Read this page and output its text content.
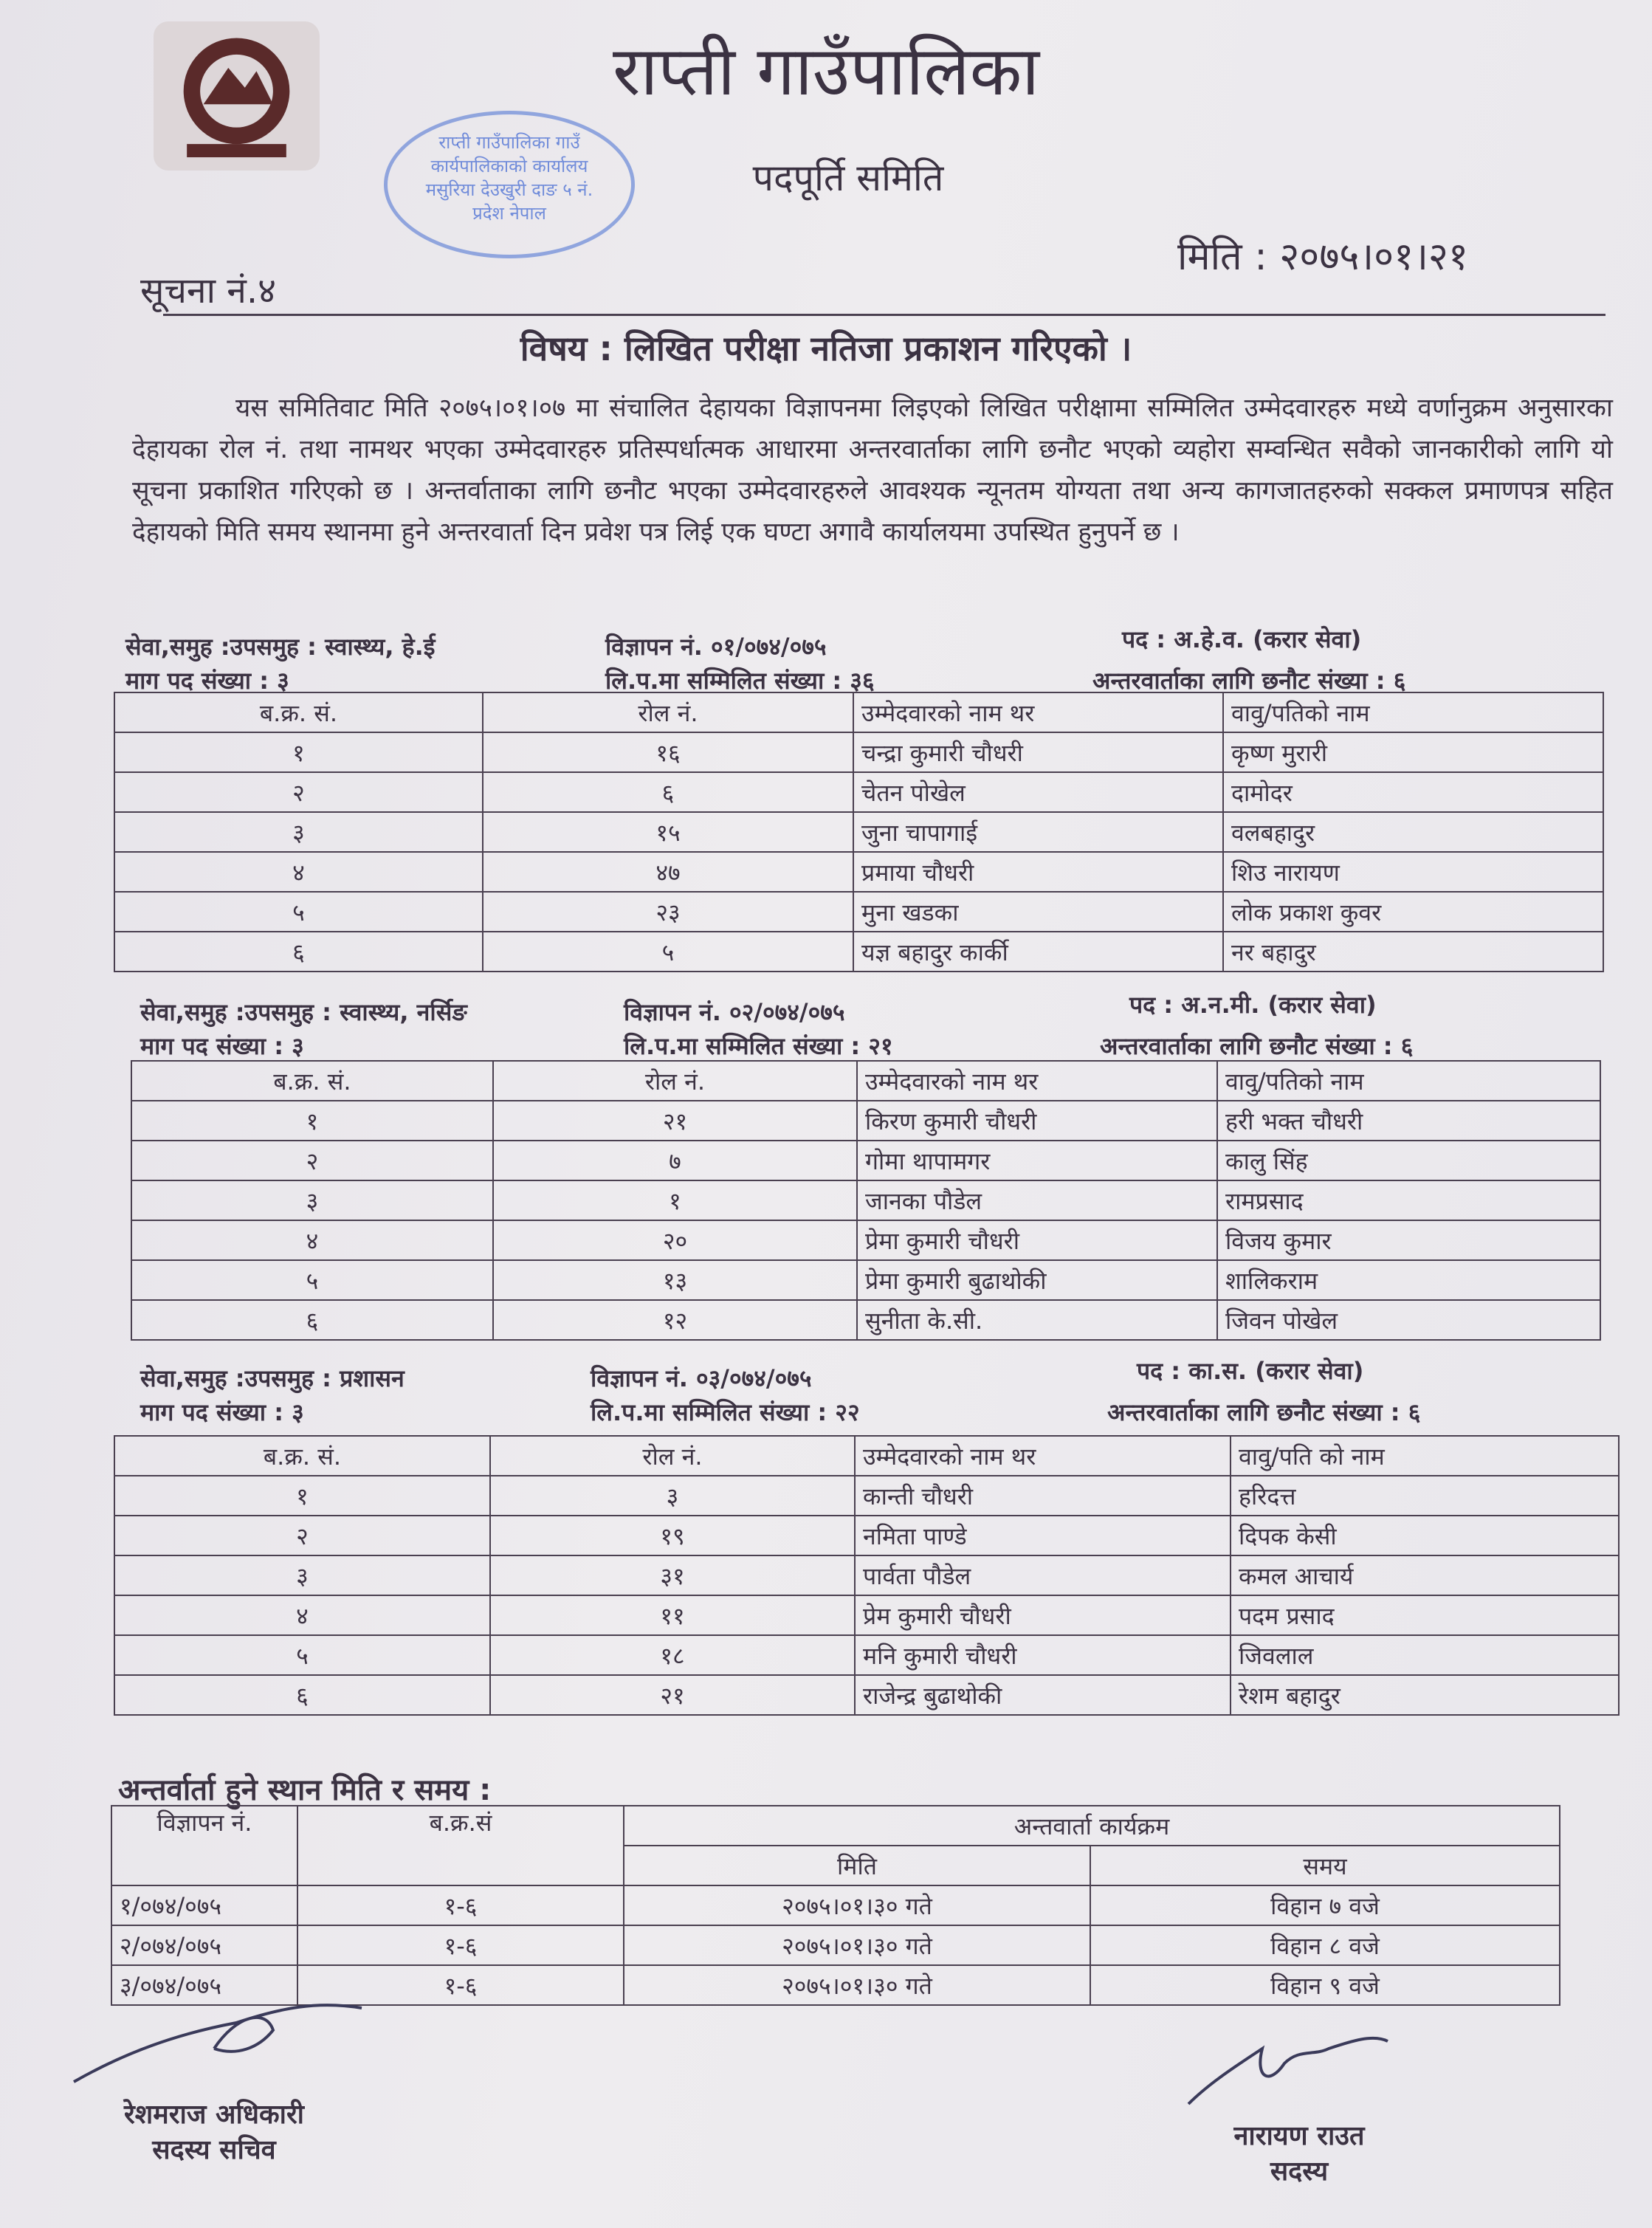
राप्ती गाउँपालिका
पदपूर्ति समिति
राप्ती गाउँपालिका गाउँ कार्यपालिकाको कार्यालय मसुरिया देउखुरी दाङ ५ नं. प्रदेश नेपाल
सूचना नं.४
मिति : २०७५।०१।२१
विषय : लिखित परीक्षा नतिजा प्रकाशन गरिएको ।
यस समितिवाट मिति २०७५।०१।०७ मा संचालित देहायका विज्ञापनमा लिइएको लिखित परीक्षामा सम्मिलित उम्मेदवारहरु मध्ये वर्णानुक्रम अनुसारका देहायका रोल नं. तथा नामथर भएका उम्मेदवारहरु प्रतिस्पर्धात्मक आधारमा अन्तरवार्ताका लागि छनौट भएको व्यहोरा सम्वन्धित सवैको जानकारीको लागि यो सूचना प्रकाशित गरिएको छ । अन्तर्वाताका लागि छनौट भएका उम्मेदवारहरुले आवश्यक न्यूनतम योग्यता तथा अन्य कागजातहरुको सक्कल प्रमाणपत्र सहित देहायको मिति समय स्थानमा हुने अन्तरवार्ता दिन प्रवेश पत्र लिई एक घण्टा अगावै कार्यालयमा उपस्थित हुनुपर्ने छ ।
सेवा,समुह :उपसमुह : स्वास्थ्य, हे.ई	विज्ञापन नं. ०१/०७४/०७५	पद : अ.हे.व. (करार सेवा)
माग पद संख्या : ३	लि.प.मा सम्मिलित संख्या : ३६	अन्तरवार्ताका लागि छनौट संख्या : ६
ब.क्र. सं.	रोल नं.	उम्मेदवारको नाम थर	वावु/पतिको नाम
१	१६	चन्द्रा कुमारी चौधरी	कृष्ण मुरारी
२	६	चेतन पोखेल	दामोदर
३	१५	जुना चापागाई	वलबहादुर
४	४७	प्रमाया चौधरी	शिउ नारायण
५	२३	मुना खडका	लोक प्रकाश कुवर
६	५	यज्ञ बहादुर कार्की	नर बहादुर
सेवा,समुह :उपसमुह : स्वास्थ्य, नर्सिङ	विज्ञापन नं. ०२/०७४/०७५	पद : अ.न.मी. (करार सेवा)
माग पद संख्या : ३	लि.प.मा सम्मिलित संख्या : २१	अन्तरवार्ताका लागि छनौट संख्या : ६
ब.क्र. सं.	रोल नं.	उम्मेदवारको नाम थर	वावु/पतिको नाम
१	२१	किरण कुमारी चौधरी	हरी भक्त चौधरी
२	७	गोमा थापामगर	कालु सिंह
३	१	जानका पौडेल	रामप्रसाद
४	२०	प्रेमा कुमारी चौधरी	विजय कुमार
५	१३	प्रेमा कुमारी बुढाथोकी	शालिकराम
६	१२	सुनीता के.सी.	जिवन पोखेल
सेवा,समुह :उपसमुह : प्रशासन	विज्ञापन नं. ०३/०७४/०७५	पद : का.स. (करार सेवा)
माग पद संख्या : ३	लि.प.मा सम्मिलित संख्या : २२	अन्तरवार्ताका लागि छनौट संख्या : ६
ब.क्र. सं.	रोल नं.	उम्मेदवारको नाम थर	वावु/पति को नाम
१	३	कान्ती चौधरी	हरिदत्त
२	१९	नमिता पाण्डे	दिपक केसी
३	३१	पार्वता पौडेल	कमल आचार्य
४	११	प्रेम कुमारी चौधरी	पदम प्रसाद
५	१८	मनि कुमारी चौधरी	जिवलाल
६	२१	राजेन्द्र बुढाथोकी	रेशम बहादुर
अन्तर्वार्ता हुने स्थान मिति र समय :
विज्ञापन नं.	ब.क्र.सं	अन्तवार्ता कार्यक्रम	
		मिति	समय
१/०७४/०७५	१-६	२०७५।०१।३० गते	विहान ७ वजे
२/०७४/०७५	१-६	२०७५।०१।३० गते	विहान ८ वजे
३/०७४/०७५	१-६	२०७५।०१।३० गते	विहान ९ वजे
रेशमराज अधिकारी
सदस्य सचिव	नारायण राउत
सदस्य
